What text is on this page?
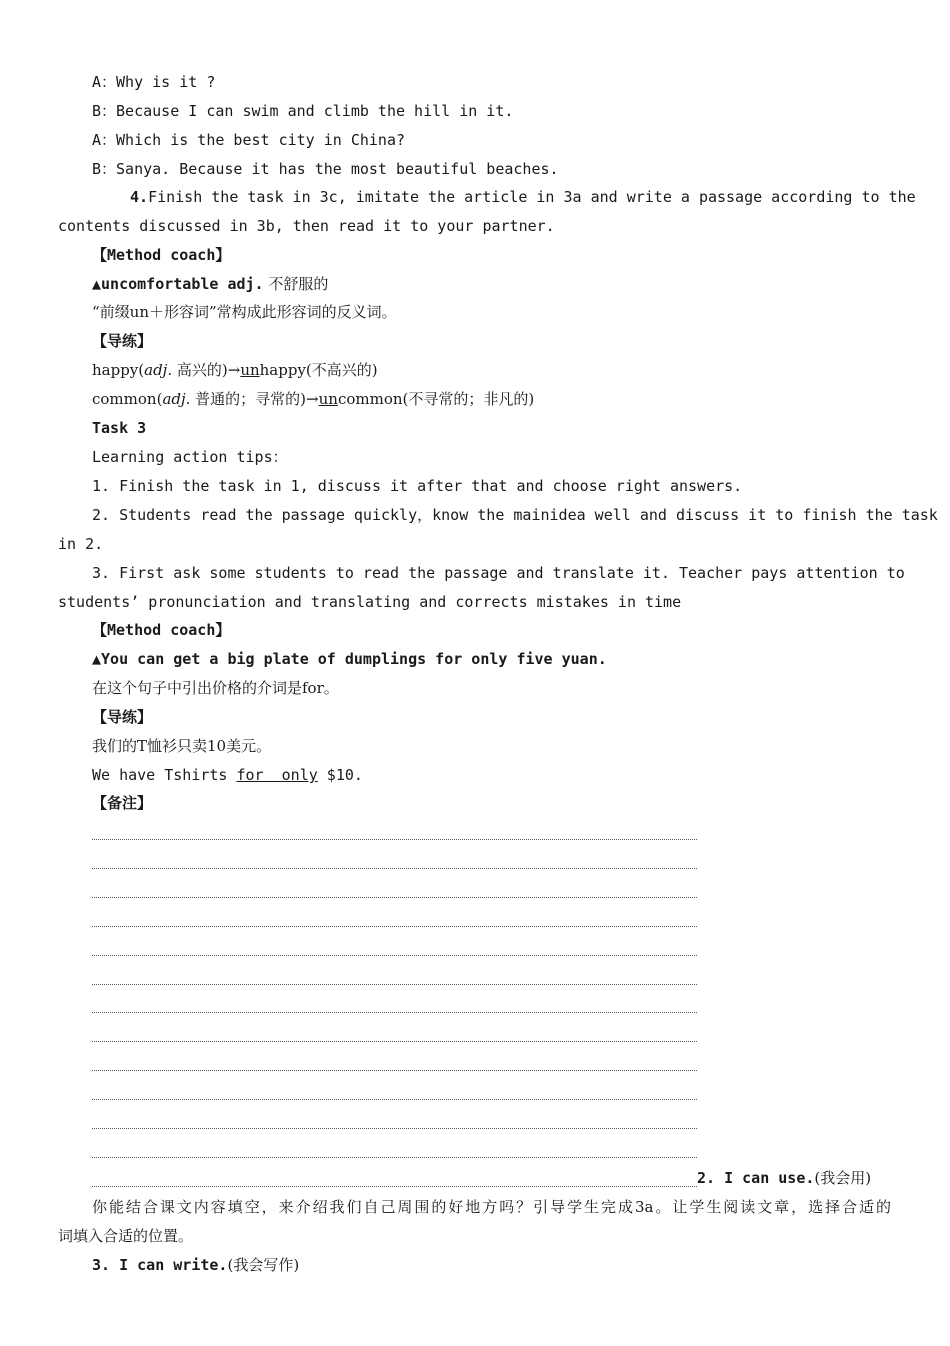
A：Why is it ?
B：Because I can swim and climb the hill in it.
A：Which is the best city in China?
B：Sanya. Because it has the most beautiful beaches.
4.Finish the task in 3c, imitate the article in 3a and write a passage according to the
contents discussed in 3b, then read it to your partner.
【Method coach】
▲uncomfortable adj. 不舒服的
“前缀un＋形容词”常构成此形容词的反义词。
【导练】
happy(adj. 高兴的)→unhappy(不高兴的)
common(adj. 普通的；寻常的)→uncommon(不寻常的；非凡的)
Task 3
Learning action tips：
1. Finish the task in 1, discuss it after that and choose right answers.
2. Students read the passage quickly，know the mainidea well and discuss it to finish the task
in 2.
3. First ask some students to read the passage and translate it. Teacher pays attention to
students’ pronunciation and translating and corrects mistakes in time
【Method coach】
▲You can get a big plate of dumplings for only five yuan.
在这个句子中引出价格的介词是for。
【导练】
我们的T恤衫只卖10美元。
We have Tshirts for only $10.
【备注】
2. I can use.(我会用)
你能结合课文内容填空，来介绍我们自己周围的好地方吗？引导学生完成3a。让学生阅读文章，选择合适的
词填入合适的位置。
3. I can write.(我会写作)
